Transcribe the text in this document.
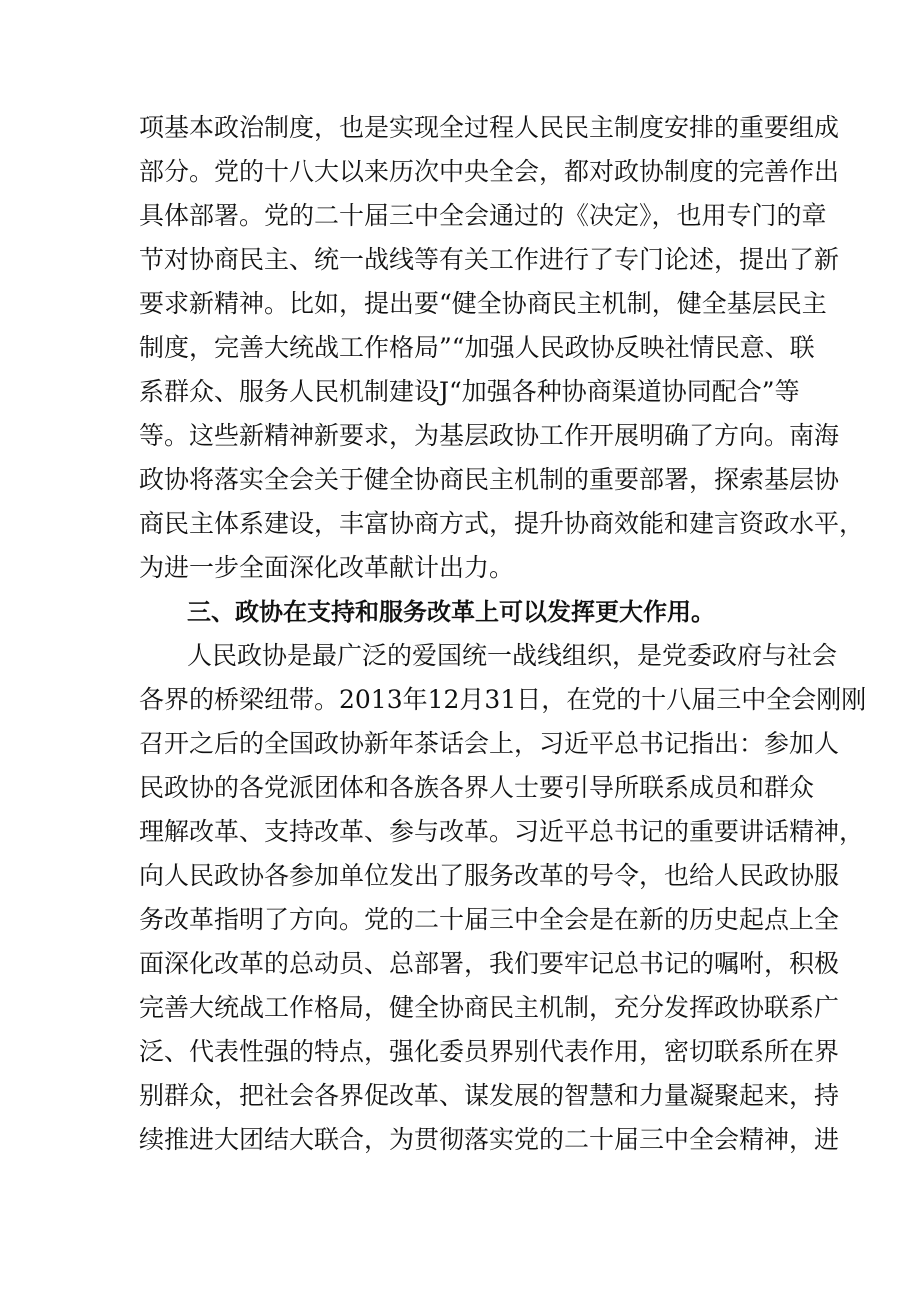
项基本政治制度，也是实现全过程人民民主制度安排的重要组成
部分。党的十八大以来历次中央全会，都对政协制度的完善作出
具体部署。党的二十届三中全会通过的《决定》，也用专门的章
节对协商民主、统一战线等有关工作进行了专门论述，提出了新
要求新精神。比如，提出要“健全协商民主机制，健全基层民主
制度，完善大统战工作格局”“加强人民政协反映社情民意、联
系群众、服务人民机制建设J“加强各种协商渠道协同配合”等
等。这些新精神新要求，为基层政协工作开展明确了方向。南海
政协将落实全会关于健全协商民主机制的重要部署，探索基层协
商民主体系建设，丰富协商方式，提升协商效能和建言资政水平，
为进一步全面深化改革献计出力。
三、政协在支持和服务改革上可以发挥更大作用。
人民政协是最广泛的爱国统一战线组织，是党委政府与社会
各界的桥梁纽带。2013年12月31日，在党的十八届三中全会刚刚
召开之后的全国政协新年茶话会上，习近平总书记指出：参加人
民政协的各党派团体和各族各界人士要引导所联系成员和群众
理解改革、支持改革、参与改革。习近平总书记的重要讲话精神，
向人民政协各参加单位发出了服务改革的号令，也给人民政协服
务改革指明了方向。党的二十届三中全会是在新的历史起点上全
面深化改革的总动员、总部署，我们要牢记总书记的嘱咐，积极
完善大统战工作格局，健全协商民主机制，充分发挥政协联系广
泛、代表性强的特点，强化委员界别代表作用，密切联系所在界
别群众，把社会各界促改革、谋发展的智慧和力量凝聚起来，持
续推进大团结大联合，为贯彻落实党的二十届三中全会精神，进
